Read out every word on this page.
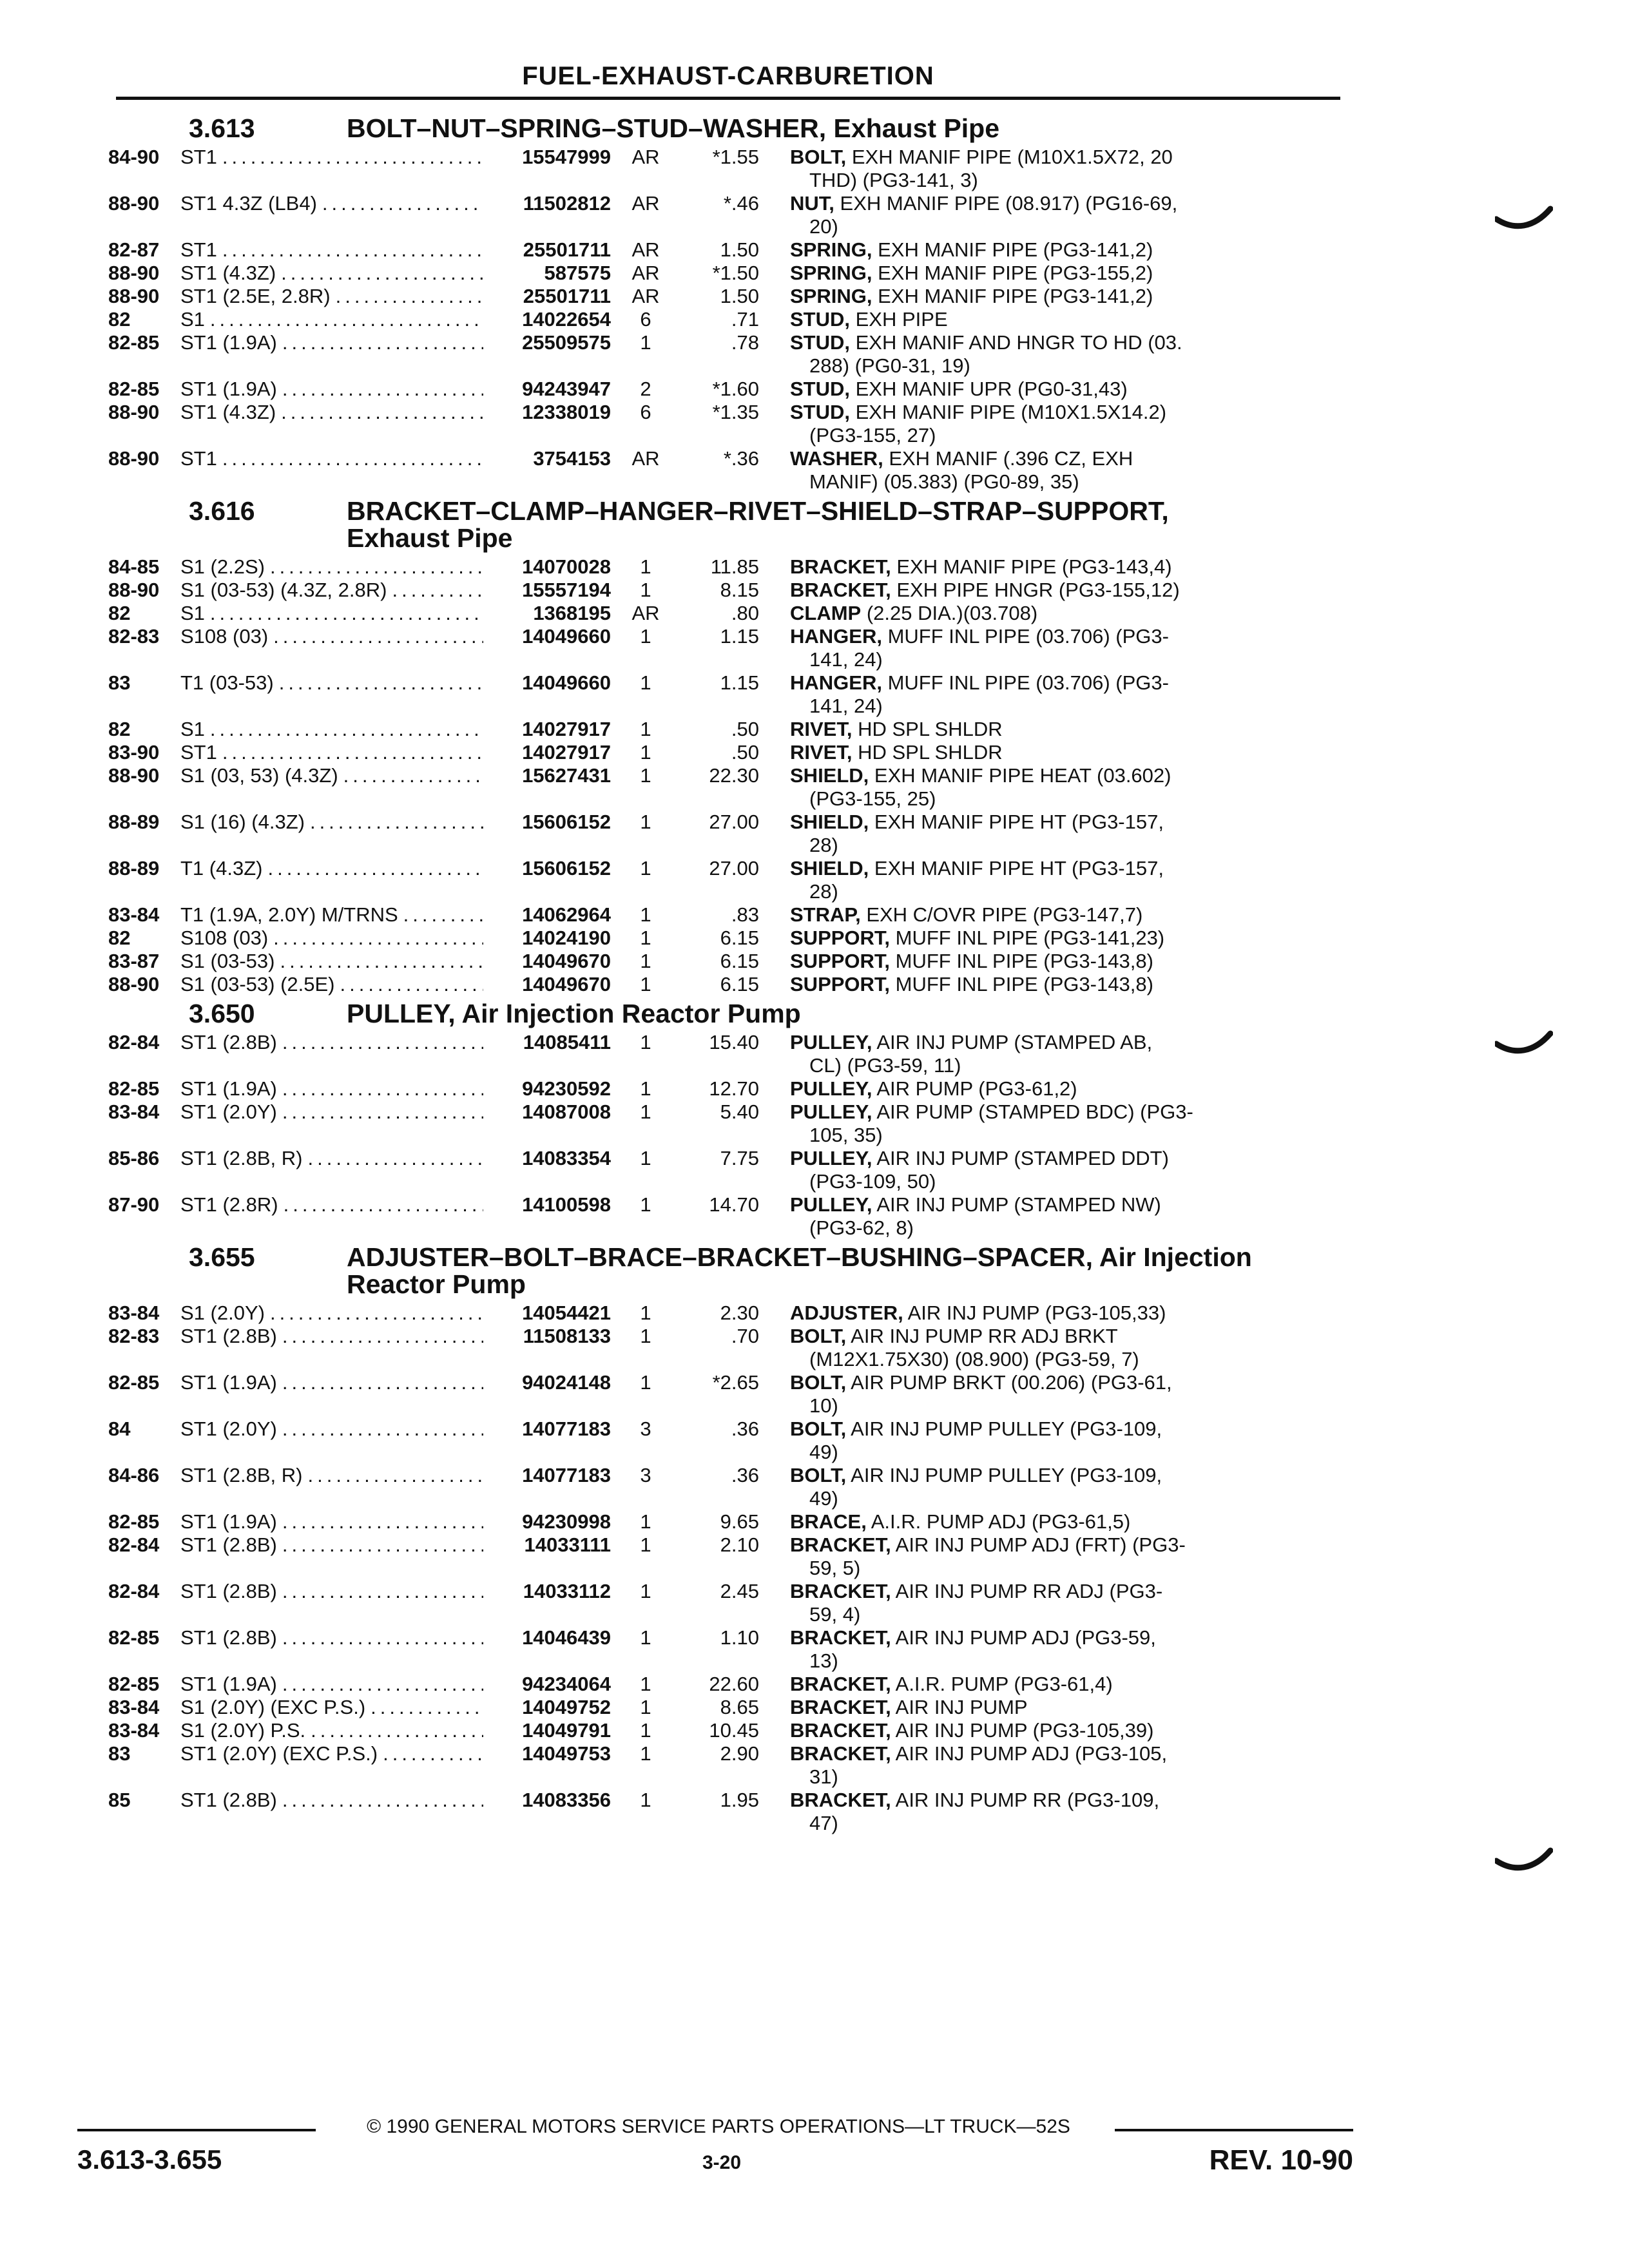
FUEL-EXHAUST-CARBURETION
3.613	BOLT–NUT–SPRING–STUD–WASHER, Exhaust Pipe
84-90	ST1 .....	15547999	AR	*1.55	BOLT, EXH MANIF PIPE (M10X1.5X72, 20
THD) (PG3-141, 3)
88-90	ST1 4.3Z (LB4) .....	11502812	AR	*.46	NUT, EXH MANIF PIPE (08.917) (PG16-69,
20)
82-87	ST1 .....	25501711	AR	1.50	SPRING, EXH MANIF PIPE (PG3-141,2)
88-90	ST1 (4.3Z) .....	587575	AR	*1.50	SPRING, EXH MANIF PIPE (PG3-155,2)
88-90	ST1 (2.5E, 2.8R) .....	25501711	AR	1.50	SPRING, EXH MANIF PIPE (PG3-141,2)
82	S1 .....	14022654	6	.71	STUD, EXH PIPE
82-85	ST1 (1.9A) .....	25509575	1	.78	STUD, EXH MANIF AND HNGR TO HD (03.
288) (PG0-31, 19)
82-85	ST1 (1.9A) .....	94243947	2	*1.60	STUD, EXH MANIF UPR (PG0-31,43)
88-90	ST1 (4.3Z) .....	12338019	6	*1.35	STUD, EXH MANIF PIPE (M10X1.5X14.2)
(PG3-155, 27)
88-90	ST1 .....	3754153	AR	*.36	WASHER, EXH MANIF (.396 CZ, EXH
MANIF) (05.383) (PG0-89, 35)
3.616	BRACKET–CLAMP–HANGER–RIVET–SHIELD–STRAP–SUPPORT,
Exhaust Pipe
84-85	S1 (2.2S) .....	14070028	1	11.85	BRACKET, EXH MANIF PIPE (PG3-143,4)
88-90	S1 (03-53) (4.3Z, 2.8R) .....	15557194	1	8.15	BRACKET, EXH PIPE HNGR (PG3-155,12)
82	S1 .....	1368195	AR	.80	CLAMP (2.25 DIA.)(03.708)
82-83	S108 (03) .....	14049660	1	1.15	HANGER, MUFF INL PIPE (03.706) (PG3-
141, 24)
83	T1 (03-53) .....	14049660	1	1.15	HANGER, MUFF INL PIPE (03.706) (PG3-
141, 24)
82	S1 .....	14027917	1	.50	RIVET, HD SPL SHLDR
83-90	ST1 .....	14027917	1	.50	RIVET, HD SPL SHLDR
88-90	S1 (03, 53) (4.3Z) .....	15627431	1	22.30	SHIELD, EXH MANIF PIPE HEAT (03.602)
(PG3-155, 25)
88-89	S1 (16) (4.3Z) .....	15606152	1	27.00	SHIELD, EXH MANIF PIPE HT (PG3-157,
28)
88-89	T1 (4.3Z) .....	15606152	1	27.00	SHIELD, EXH MANIF PIPE HT (PG3-157,
28)
83-84	T1 (1.9A, 2.0Y) M/TRNS .....	14062964	1	.83	STRAP, EXH C/OVR PIPE (PG3-147,7)
82	S108 (03) .....	14024190	1	6.15	SUPPORT, MUFF INL PIPE (PG3-141,23)
83-87	S1 (03-53) .....	14049670	1	6.15	SUPPORT, MUFF INL PIPE (PG3-143,8)
88-90	S1 (03-53) (2.5E) .....	14049670	1	6.15	SUPPORT, MUFF INL PIPE (PG3-143,8)
3.650	PULLEY, Air Injection Reactor Pump
82-84	ST1 (2.8B) .....	14085411	1	15.40	PULLEY, AIR INJ PUMP (STAMPED AB,
CL) (PG3-59, 11)
82-85	ST1 (1.9A) .....	94230592	1	12.70	PULLEY, AIR PUMP (PG3-61,2)
83-84	ST1 (2.0Y) .....	14087008	1	5.40	PULLEY, AIR PUMP (STAMPED BDC) (PG3-
105, 35)
85-86	ST1 (2.8B, R) .....	14083354	1	7.75	PULLEY, AIR INJ PUMP (STAMPED DDT)
(PG3-109, 50)
87-90	ST1 (2.8R) .....	14100598	1	14.70	PULLEY, AIR INJ PUMP (STAMPED NW)
(PG3-62, 8)
3.655	ADJUSTER–BOLT–BRACE–BRACKET–BUSHING–SPACER, Air Injection
Reactor Pump
83-84	S1 (2.0Y) .....	14054421	1	2.30	ADJUSTER, AIR INJ PUMP (PG3-105,33)
82-83	ST1 (2.8B) .....	11508133	1	.70	BOLT, AIR INJ PUMP RR ADJ BRKT
(M12X1.75X30) (08.900) (PG3-59, 7)
82-85	ST1 (1.9A) .....	94024148	1	*2.65	BOLT, AIR PUMP BRKT (00.206) (PG3-61,
10)
84	ST1 (2.0Y) .....	14077183	3	.36	BOLT, AIR INJ PUMP PULLEY (PG3-109,
49)
84-86	ST1 (2.8B, R) .....	14077183	3	.36	BOLT, AIR INJ PUMP PULLEY (PG3-109,
49)
82-85	ST1 (1.9A) .....	94230998	1	9.65	BRACE, A.I.R. PUMP ADJ (PG3-61,5)
82-84	ST1 (2.8B) .....	14033111	1	2.10	BRACKET, AIR INJ PUMP ADJ (FRT) (PG3-
59, 5)
82-84	ST1 (2.8B) .....	14033112	1	2.45	BRACKET, AIR INJ PUMP RR ADJ (PG3-
59, 4)
82-85	ST1 (2.8B) .....	14046439	1	1.10	BRACKET, AIR INJ PUMP ADJ (PG3-59,
13)
82-85	ST1 (1.9A) .....	94234064	1	22.60	BRACKET, A.I.R. PUMP (PG3-61,4)
83-84	S1 (2.0Y) (EXC P.S.) .....	14049752	1	8.65	BRACKET, AIR INJ PUMP
83-84	S1 (2.0Y) P.S. .....	14049791	1	10.45	BRACKET, AIR INJ PUMP (PG3-105,39)
83	ST1 (2.0Y) (EXC P.S.) .....	14049753	1	2.90	BRACKET, AIR INJ PUMP ADJ (PG3-105,
31)
85	ST1 (2.8B) .....	14083356	1	1.95	BRACKET, AIR INJ PUMP RR (PG3-109,
47)
© 1990 GENERAL MOTORS SERVICE PARTS OPERATIONS—LT TRUCK—52S
3.613-3.655	3-20	REV. 10-90
